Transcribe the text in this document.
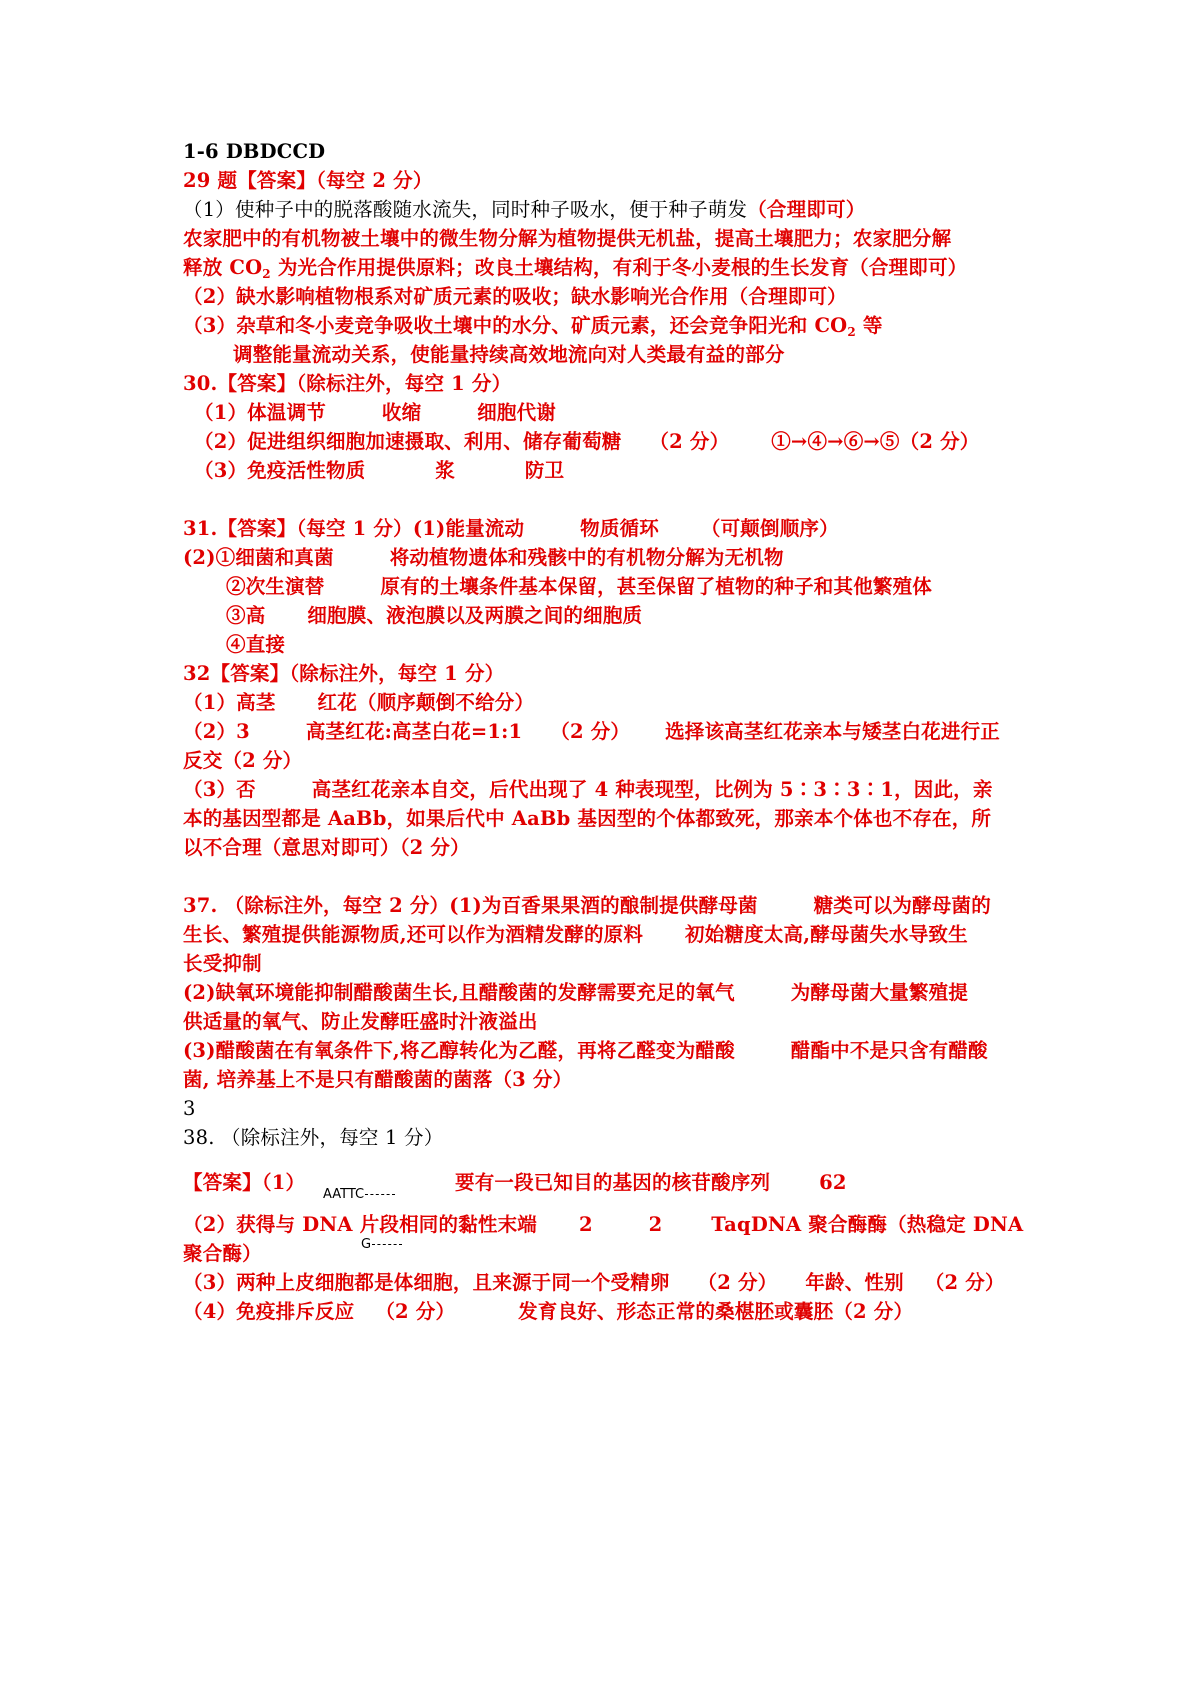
1-6 DBDCCD
29 题【答案】（每空 2 分）
（1）使种子中的脱落酸随水流失，同时种子吸水，便于种子萌发（合理即可）
农家肥中的有机物被土壤中的微生物分解为植物提供无机盐，提高土壤肥力；农家肥分解
释放 $CO_2$ 为光合作用提供原料；改良土壤结构，有利于冬小麦根的生长发育（合理即可）
（2）缺水影响植物根系对矿质元素的吸收；缺水影响光合作用（合理即可）
（3）杂草和冬小麦竞争吸收土壤中的水分、矿质元素，还会竞争阳光和 $CO_2$ 等
调整能量流动关系，使能量持续高效地流向对人类最有益的部分
30.【答案】（除标注外，每空 1 分）
（1）体温调节        收缩        细胞代谢
（2）促进组织细胞加速摄取、利用、储存葡萄糖    （2 分）      ①→④→⑥→⑤（2 分）
（3）免疫活性物质          浆          防卫
31.【答案】（每空 1 分）(1)能量流动        物质循环      （可颠倒顺序）
(2)①细菌和真菌        将动植物遗体和残骸中的有机物分解为无机物
②次生演替        原有的土壤条件基本保留，甚至保留了植物的种子和其他繁殖体
③高      细胞膜、液泡膜以及两膜之间的细胞质
④直接
32【答案】（除标注外，每空 1 分）
（1）高茎      红花（顺序颠倒不给分）
（2）3        高茎红花:高茎白花=1:1    （2 分）     选择该高茎红花亲本与矮茎白花进行正
反交（2 分）
（3）否        高茎红花亲本自交，后代出现了 4 种表现型，比例为 5∶3∶3∶1，因此，亲
本的基因型都是 AaBb，如果后代中 AaBb 基因型的个体都致死，那亲本个体也不存在，所
以不合理（意思对即可）（2 分）
37. （除标注外，每空 2 分）(1)为百香果果酒的酿制提供酵母菌        糖类可以为酵母菌的
生长、繁殖提供能源物质,还可以作为酒精发酵的原料      初始糖度太高,酵母菌失水导致生
长受抑制
(2)缺氧环境能抑制醋酸菌生长,且醋酸菌的发酵需要充足的氧气        为酵母菌大量繁殖提
供适量的氧气、防止发酵旺盛时汁液溢出
(3)醋酸菌在有氧条件下,将乙醇转化为乙醛，再将乙醛变为醋酸        醋酯中不是只含有醋酸
菌, 培养基上不是只有醋酸菌的菌落（3 分）
3
38. （除标注外，每空 1 分）
【答案】（1）

AATTC

G

要有一段已知目的基因的核苷酸序列       62
（2）获得与 DNA 片段相同的黏性末端      2        2       TaqDNA 聚合酶酶（热稳定 DNA
聚合酶）
（3）两种上皮细胞都是体细胞，且来源于同一个受精卵    （2 分）    年龄、性别   （2 分）
（4）免疫排斥反应   （2 分）         发育良好、形态正常的桑椹胚或囊胚（2 分）
